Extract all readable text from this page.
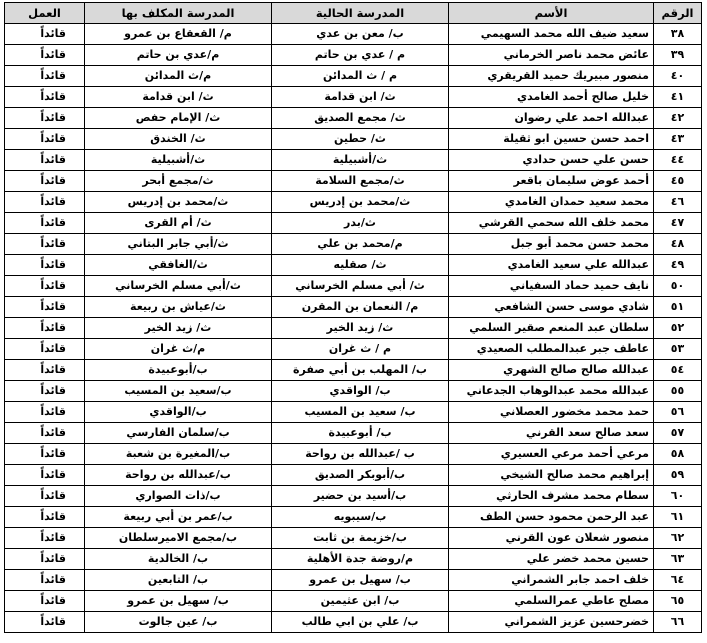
الرقم	الأسم	المدرسة الحالية	المدرسة المكلف بها	العمل
٣٨	سعيد ضيف الله محمد السهيمي	ب/ معن بن عدي	م/ القعقاع بن عمرو	قائداً
٣٩	عائض محمد ناصر الخرماني	م / عدي بن حاتم	م/عدي بن حاتم	قائداً
٤٠	منصور مبيريك حميد القريقري	م / ث المدائن	م/ث المدائن	قائداً
٤١	خليل صالح أحمد الغامدي	ث/ ابن قدامة	ث/ ابن قدامة	قائداً
٤٢	عبدالله احمد علي رضوان	ث/ مجمع الصديق	ث/ الإمام حفص	قائداً
٤٣	احمد حسن حسين ابو ثقيلة	ث/ حطين	ث/ الخندق	قائداً
٤٤	حسن علي حسن حدادي	ث/أشبيلية	ث/أشبيلية	قائداً
٤٥	أحمد عوض سليمان باقعر	ث/مجمع السلامة	ث/مجمع أبحر	قائداً
٤٦	محمد سعيد حمدان الغامدي	ث/محمد بن إدريس	ث/محمد بن إدريس	قائداً
٤٧	محمد خلف الله سحمي القرشي	ث/بدر	ث/ أم القرى	قائداً
٤٨	محمد حسن محمد أبو جبل	م/محمد بن علي	ث/أبي جابر البتاني	قائداً
٤٩	عبدالله علي سعيد الغامدي	ث/ صقليه	ث/الغافقي	قائداً
٥٠	نايف حميد حماد السفياني	ث/ أبي مسلم الخرساني	ث/أبي مسلم الخرساني	قائداً
٥١	شادي موسى حسن الشافعي	م/ النعمان بن المقرن	ث/عياش بن ربيعة	قائداً
٥٢	سلطان عبد المنعم صقير السلمي	ث/ زيد الخير	ث/ زيد الخير	قائداً
٥٣	عاطف جبر عبدالمطلب الصعيدي	م / ث غران	م/ث غران	قائداً
٥٤	عبدالله صالح صالح الشهري	ب/ المهلب بن أبي صفرة	ب/أبوعبيدة	قائداً
٥٥	عبدالله محمد عبدالوهاب الجدعاني	ب/ الواقدي	ب/سعيد بن المسيب	قائداً
٥٦	حمد محمد مخضور العصلاني	ب/ سعيد بن المسيب	ب/الواقدي	قائداً
٥٧	سعد صالح سعد القرني	ب/ أبوعبيدة	ب/سلمان الفارسي	قائداً
٥٨	مرعي أحمد مرعي العسيري	ب /عبدالله بن رواحة	ب/المغيرة بن شعبة	قائداً
٥٩	إبراهيم محمد صالح الشيخي	ب/أبوبكر الصديق	ب/عبدالله بن رواحة	قائداً
٦٠	سطام محمد مشرف الحارثي	ب/أسيد بن حضير	ب/ذات الصواري	قائداً
٦١	عبد الرحمن محمود حسن الطف	ب/سيبويه	ب/عمر بن أبي ربيعة	قائداً
٦٢	منصور شعلان عون القرني	ب/خزيمة بن ثابت	ب/مجمع الاميرسلطان	قائداً
٦٣	حسين محمد خضر علي	م/روضة جدة الأهلية	ب/ الخالدية	قائداً
٦٤	خلف احمد جابر الشمراني	ب/ سهيل بن عمرو	ب/ التابعين	قائداً
٦٥	مصلح عاطي عمرالسلمي	ب/ ابن عثيمين	ب/ سهيل بن عمرو	قائداً
٦٦	خضرحسين عزيز الشمراني	ب/ علي بن ابي طالب	ب/ عين جالوت	قائداً
